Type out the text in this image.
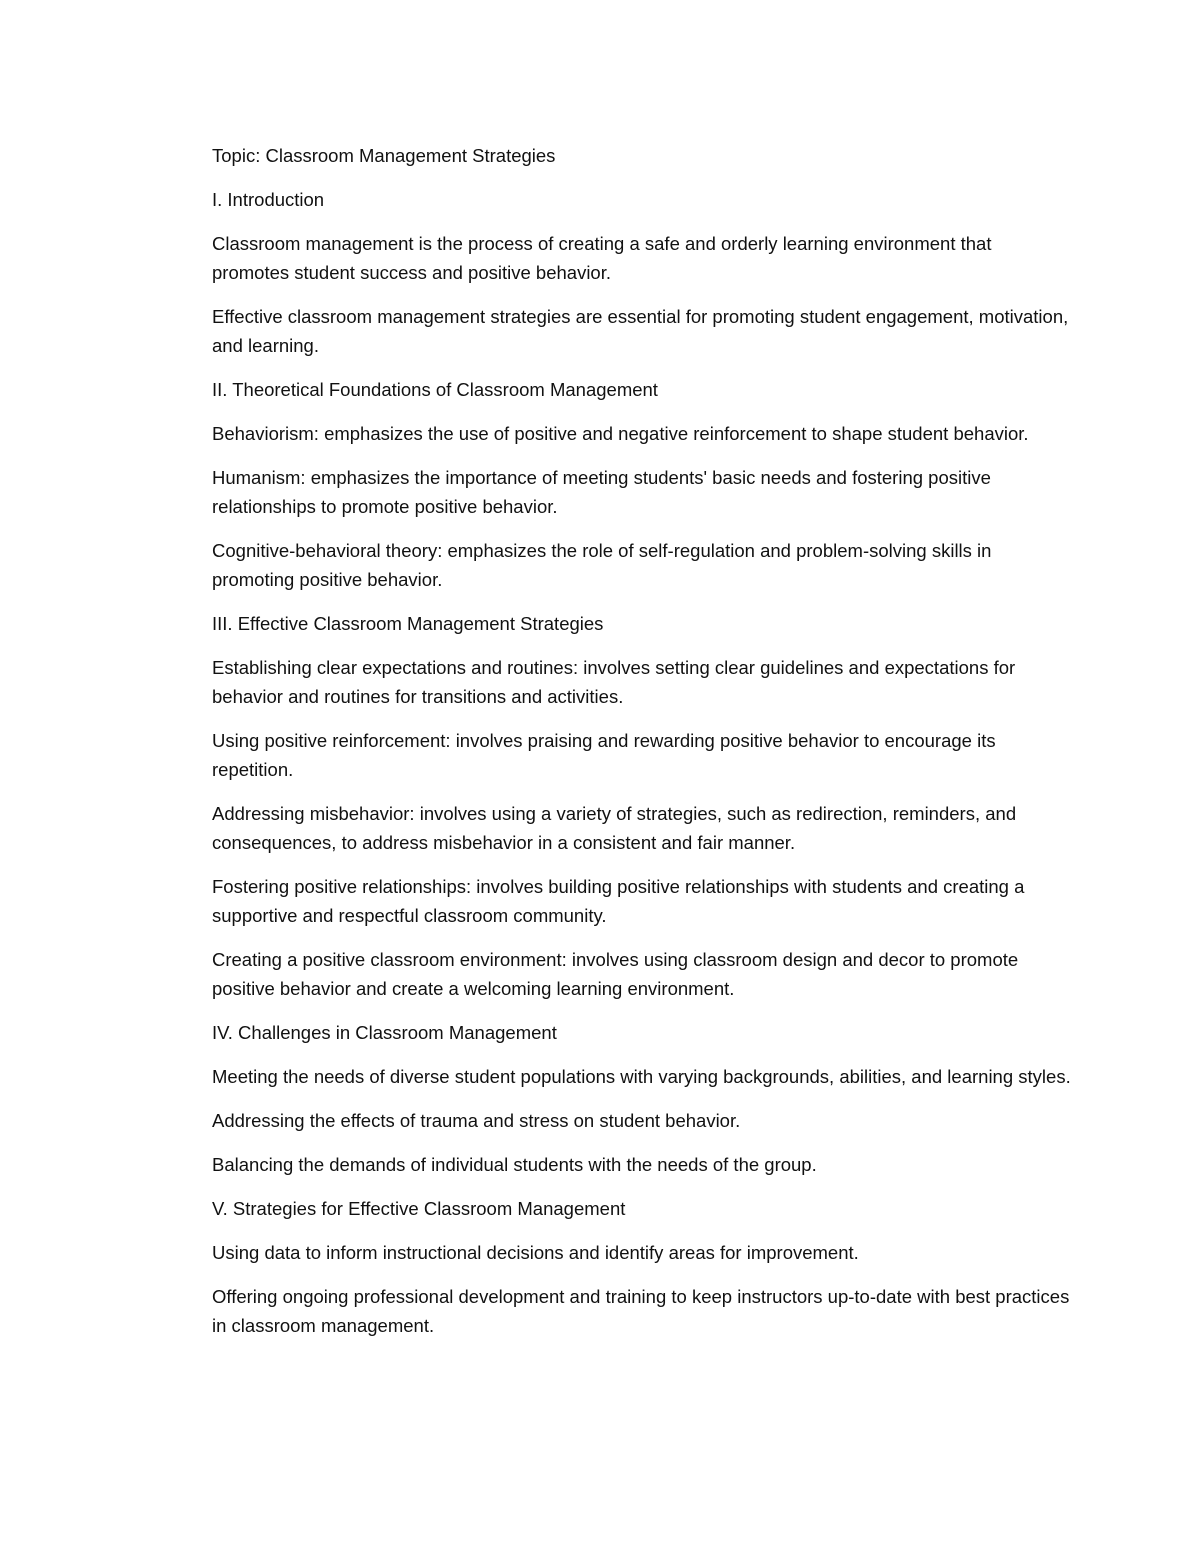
Topic: Classroom Management Strategies

I. Introduction

Classroom management is the process of creating a safe and orderly learning environment that promotes student success and positive behavior.

Effective classroom management strategies are essential for promoting student engagement, motivation, and learning.

II. Theoretical Foundations of Classroom Management

Behaviorism: emphasizes the use of positive and negative reinforcement to shape student behavior.

Humanism: emphasizes the importance of meeting students' basic needs and fostering positive relationships to promote positive behavior.

Cognitive-behavioral theory: emphasizes the role of self-regulation and problem-solving skills in promoting positive behavior.

III. Effective Classroom Management Strategies

Establishing clear expectations and routines: involves setting clear guidelines and expectations for behavior and routines for transitions and activities.

Using positive reinforcement: involves praising and rewarding positive behavior to encourage its repetition.

Addressing misbehavior: involves using a variety of strategies, such as redirection, reminders, and consequences, to address misbehavior in a consistent and fair manner.

Fostering positive relationships: involves building positive relationships with students and creating a supportive and respectful classroom community.

Creating a positive classroom environment: involves using classroom design and decor to promote positive behavior and create a welcoming learning environment.

IV. Challenges in Classroom Management

Meeting the needs of diverse student populations with varying backgrounds, abilities, and learning styles.

Addressing the effects of trauma and stress on student behavior.

Balancing the demands of individual students with the needs of the group.

V. Strategies for Effective Classroom Management

Using data to inform instructional decisions and identify areas for improvement.

Offering ongoing professional development and training to keep instructors up-to-date with best practices in classroom management.
